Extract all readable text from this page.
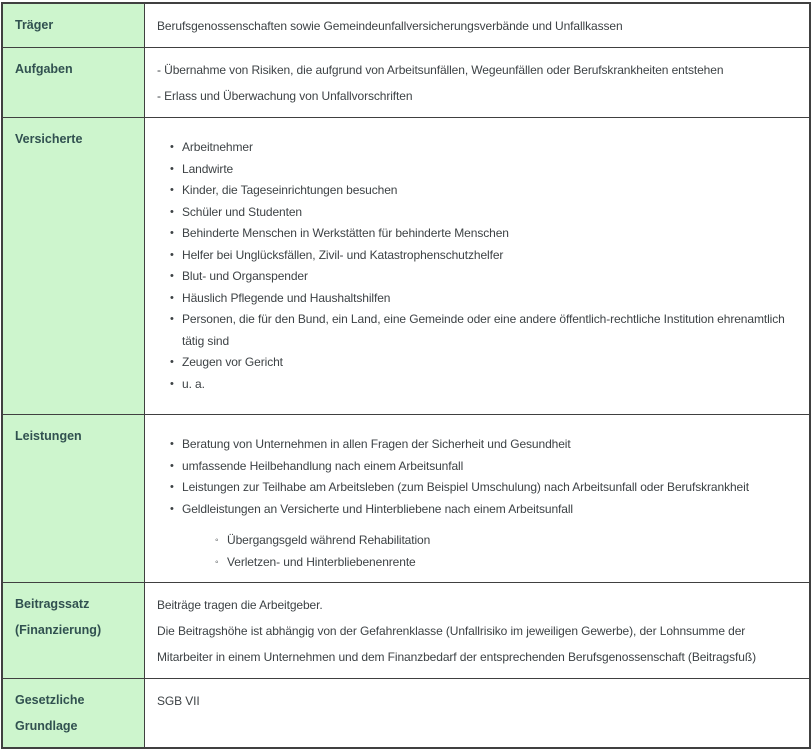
Träger	Berufsgenossenschaften sowie Gemeindeunfallversicherungsverbände und Unfallkassen

Aufgaben	- Übernahme von Risiken, die aufgrund von Arbeitsunfällen, Wegeunfällen oder Berufskrankheiten entstehen

- Erlass und Überwachung von Unfallvorschriften

Versicherte
• Arbeitnehmer
• Landwirte
• Kinder, die Tageseinrichtungen besuchen
• Schüler und Studenten
• Behinderte Menschen in Werkstätten für behinderte Menschen
• Helfer bei Unglücksfällen, Zivil- und Katastrophenschutzhelfer
• Blut- und Organspender
• Häuslich Pflegende und Haushaltshilfen
• Personen, die für den Bund, ein Land, eine Gemeinde oder eine andere öffentlich-rechtliche Institution ehrenamtlich tätig sind
• Zeugen vor Gericht
• u. a.
Leistungen
• Beratung von Unternehmen in allen Fragen der Sicherheit und Gesundheit
• umfassende Heilbehandlung nach einem Arbeitsunfall
• Leistungen zur Teilhabe am Arbeitsleben (zum Beispiel Umschulung) nach Arbeitsunfall oder Berufskrankheit
• Geldleistungen an Versicherte und Hinterbliebene nach einem Arbeitsunfall
◦ Übergangsgeld während Rehabilitation
◦ Verletzen- und Hinterbliebenenrente
Beitragssatz (Finanzierung)

Beiträge tragen die Arbeitgeber.

Die Beitragshöhe ist abhängig von der Gefahrenklasse (Unfallrisiko im jeweiligen Gewerbe), der Lohnsumme der Mitarbeiter in einem Unternehmen und dem Finanzbedarf der entsprechenden Berufsgenossenschaft (Beitragsfuß)

Gesetzliche Grundlage

SGB VII
